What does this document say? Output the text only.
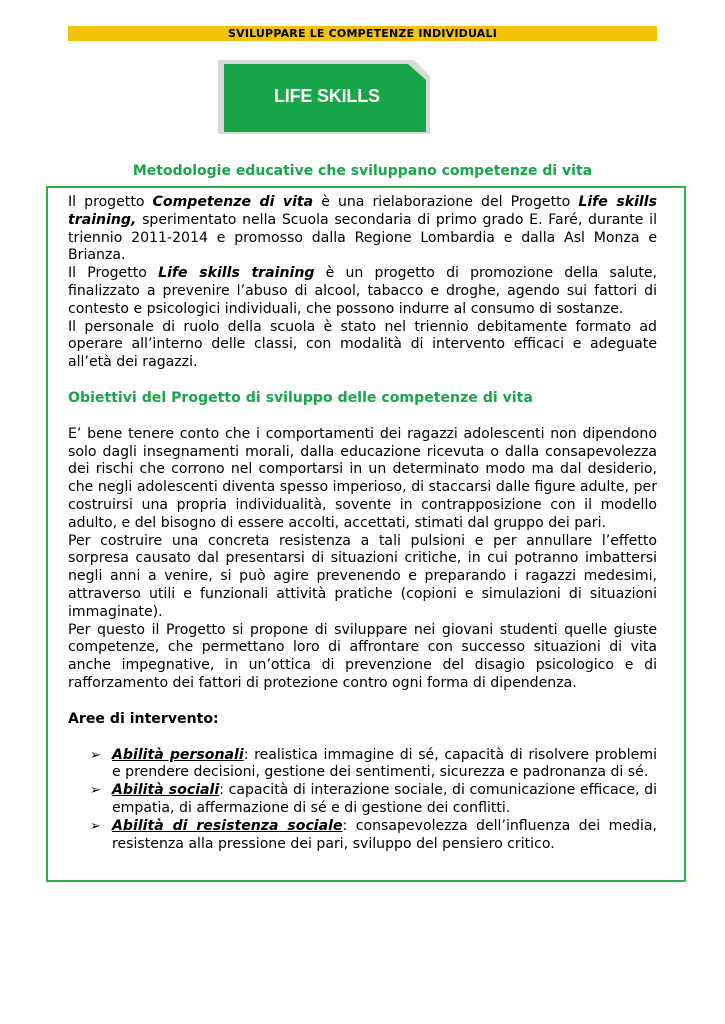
SVILUPPARE LE COMPETENZE INDIVIDUALI
LIFE SKILLS
Metodologie educative che sviluppano competenze di vita

Il progetto Competenze di vita è una rielaborazione del Progetto Life skills training, sperimentato nella Scuola secondaria di primo grado E. Faré, durante il triennio 2011-2014 e promosso dalla Regione Lombardia e dalla Asl Monza e Brianza.

Il Progetto Life skills training è un progetto di promozione della salute, finalizzato a prevenire l’abuso di alcool, tabacco e droghe, agendo sui fattori di contesto e psicologici individuali, che possono indurre al consumo di sostanze.

Il personale di ruolo della scuola è stato nel triennio debitamente formato ad operare all’interno delle classi, con modalità di intervento efficaci e adeguate all’età dei ragazzi.

Obiettivi del Progetto di sviluppo delle competenze di vita

E’ bene tenere conto che i comportamenti dei ragazzi adolescenti non dipendono solo dagli insegnamenti morali, dalla educazione ricevuta o dalla consapevolezza dei rischi che corrono nel comportarsi in un determinato modo ma dal desiderio, che negli adolescenti diventa spesso imperioso, di staccarsi dalle figure adulte, per costruirsi una propria individualità, sovente in contrapposizione con il modello adulto, e del bisogno di essere accolti, accettati, stimati dal gruppo dei pari.

Per costruire una concreta resistenza a tali pulsioni e per annullare l’effetto sorpresa causato dal presentarsi di situazioni critiche, in cui potranno imbattersi negli anni a venire, si può agire prevenendo e preparando i ragazzi medesimi, attraverso utili e funzionali attività pratiche (copioni e simulazioni di situazioni immaginate).

Per questo il Progetto si propone di sviluppare nei giovani studenti quelle giuste competenze, che permettano loro di affrontare con successo situazioni di vita anche impegnative, in un’ottica di prevenzione del disagio psicologico e di rafforzamento dei fattori di protezione contro ogni forma di dipendenza.

Aree di intervento:

➢ Abilità personali: realistica immagine di sé, capacità di risolvere problemi e prendere decisioni, gestione dei sentimenti, sicurezza e padronanza di sé.
➢ Abilità sociali: capacità di interazione sociale, di comunicazione efficace, di empatia, di affermazione di sé e di gestione dei conflitti.
➢ Abilità di resistenza sociale: consapevolezza dell’influenza dei media, resistenza alla pressione dei pari, sviluppo del pensiero critico.
